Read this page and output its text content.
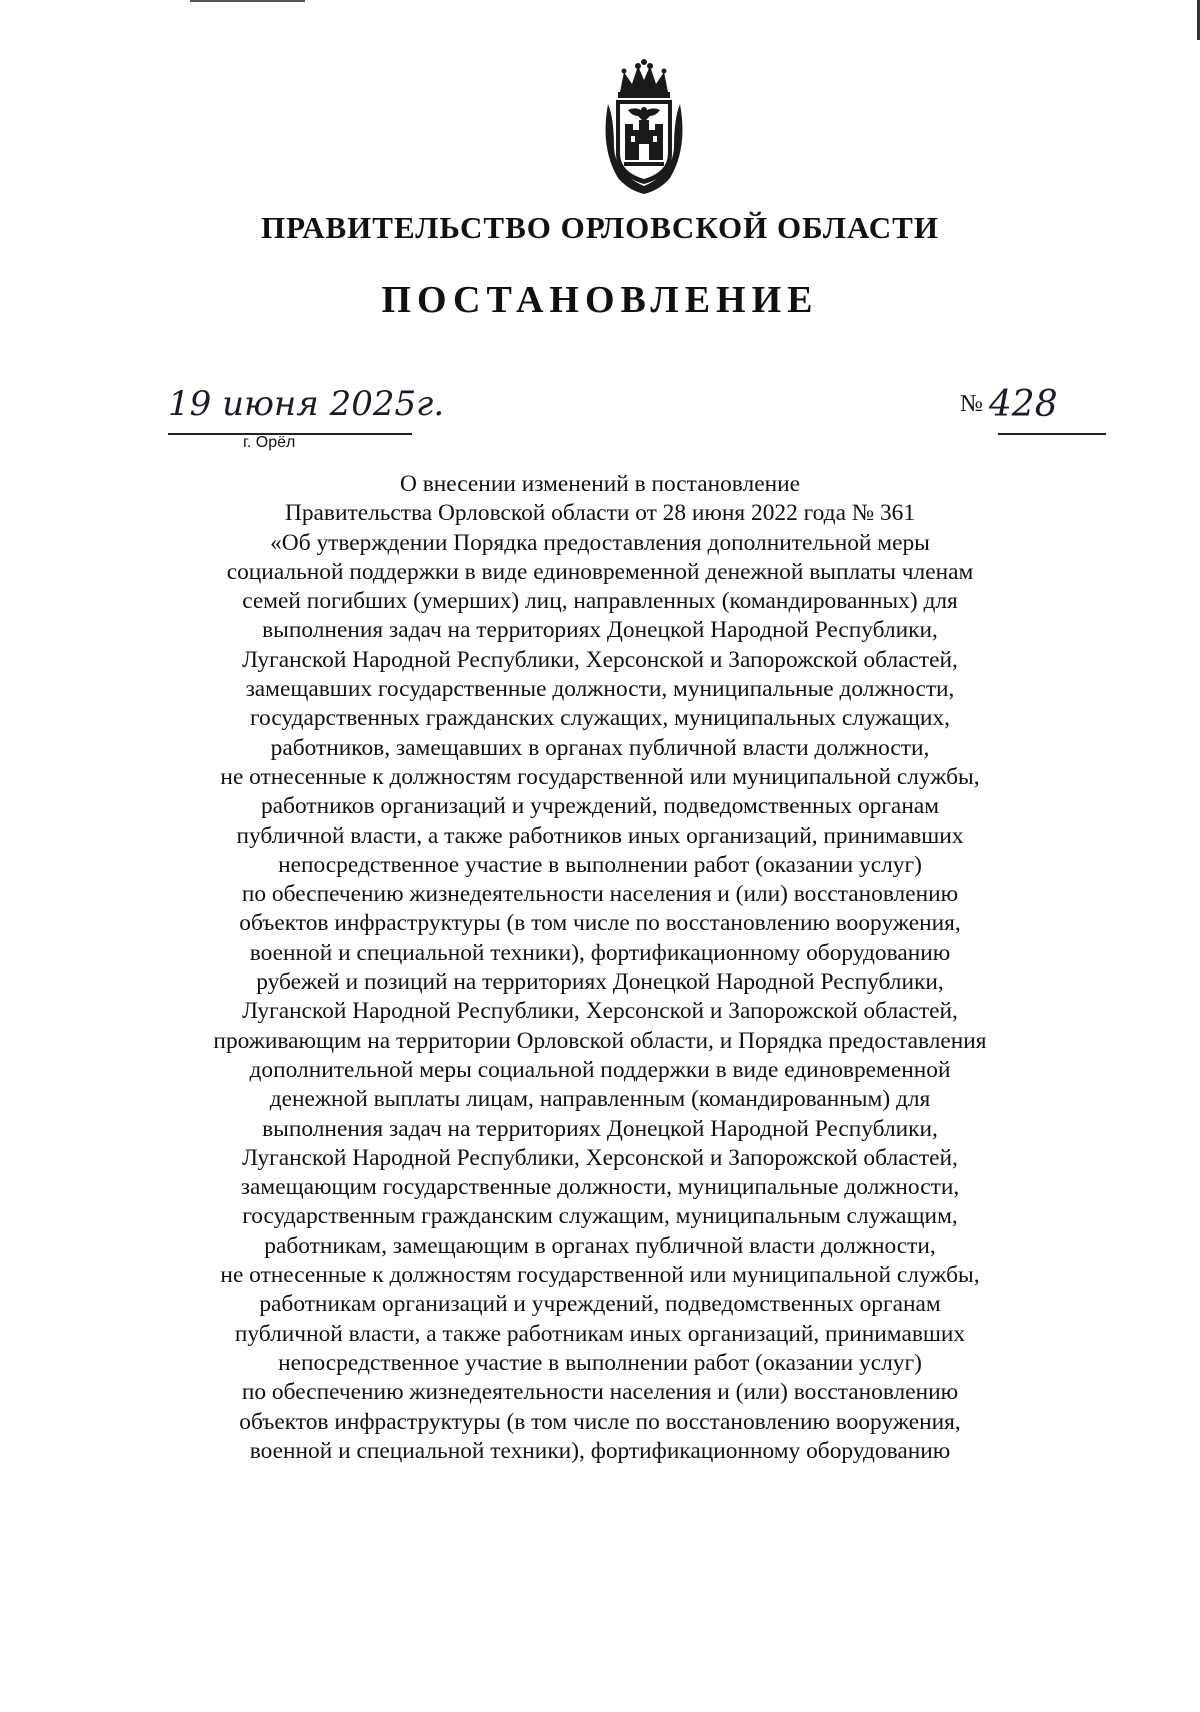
ПРАВИТЕЛЬСТВО ОРЛОВСКОЙ ОБЛАСТИ
ПОСТАНОВЛЕНИЕ
19 июня 2025г.
г. Орёл
№ 428
О внесении изменений в постановление
Правительства Орловской области от 28 июня 2022 года № 361
«Об утверждении Порядка предоставления дополнительной меры
социальной поддержки в виде единовременной денежной выплаты членам
семей погибших (умерших) лиц, направленных (командированных) для
выполнения задач на территориях Донецкой Народной Республики,
Луганской Народной Республики, Херсонской и Запорожской областей,
замещавших государственные должности, муниципальные должности,
государственных гражданских служащих, муниципальных служащих,
работников, замещавших в органах публичной власти должности,
не отнесенные к должностям государственной или муниципальной службы,
работников организаций и учреждений, подведомственных органам
публичной власти, а также работников иных организаций, принимавших
непосредственное участие в выполнении работ (оказании услуг)
по обеспечению жизнедеятельности населения и (или) восстановлению
объектов инфраструктуры (в том числе по восстановлению вооружения,
военной и специальной техники), фортификационному оборудованию
рубежей и позиций на территориях Донецкой Народной Республики,
Луганской Народной Республики, Херсонской и Запорожской областей,
проживающим на территории Орловской области, и Порядка предоставления
дополнительной меры социальной поддержки в виде единовременной
денежной выплаты лицам, направленным (командированным) для
выполнения задач на территориях Донецкой Народной Республики,
Луганской Народной Республики, Херсонской и Запорожской областей,
замещающим государственные должности, муниципальные должности,
государственным гражданским служащим, муниципальным служащим,
работникам, замещающим в органах публичной власти должности,
не отнесенные к должностям государственной или муниципальной службы,
работникам организаций и учреждений, подведомственных органам
публичной власти, а также работникам иных организаций, принимавших
непосредственное участие в выполнении работ (оказании услуг)
по обеспечению жизнедеятельности населения и (или) восстановлению
объектов инфраструктуры (в том числе по восстановлению вооружения,
военной и специальной техники), фортификационному оборудованию
